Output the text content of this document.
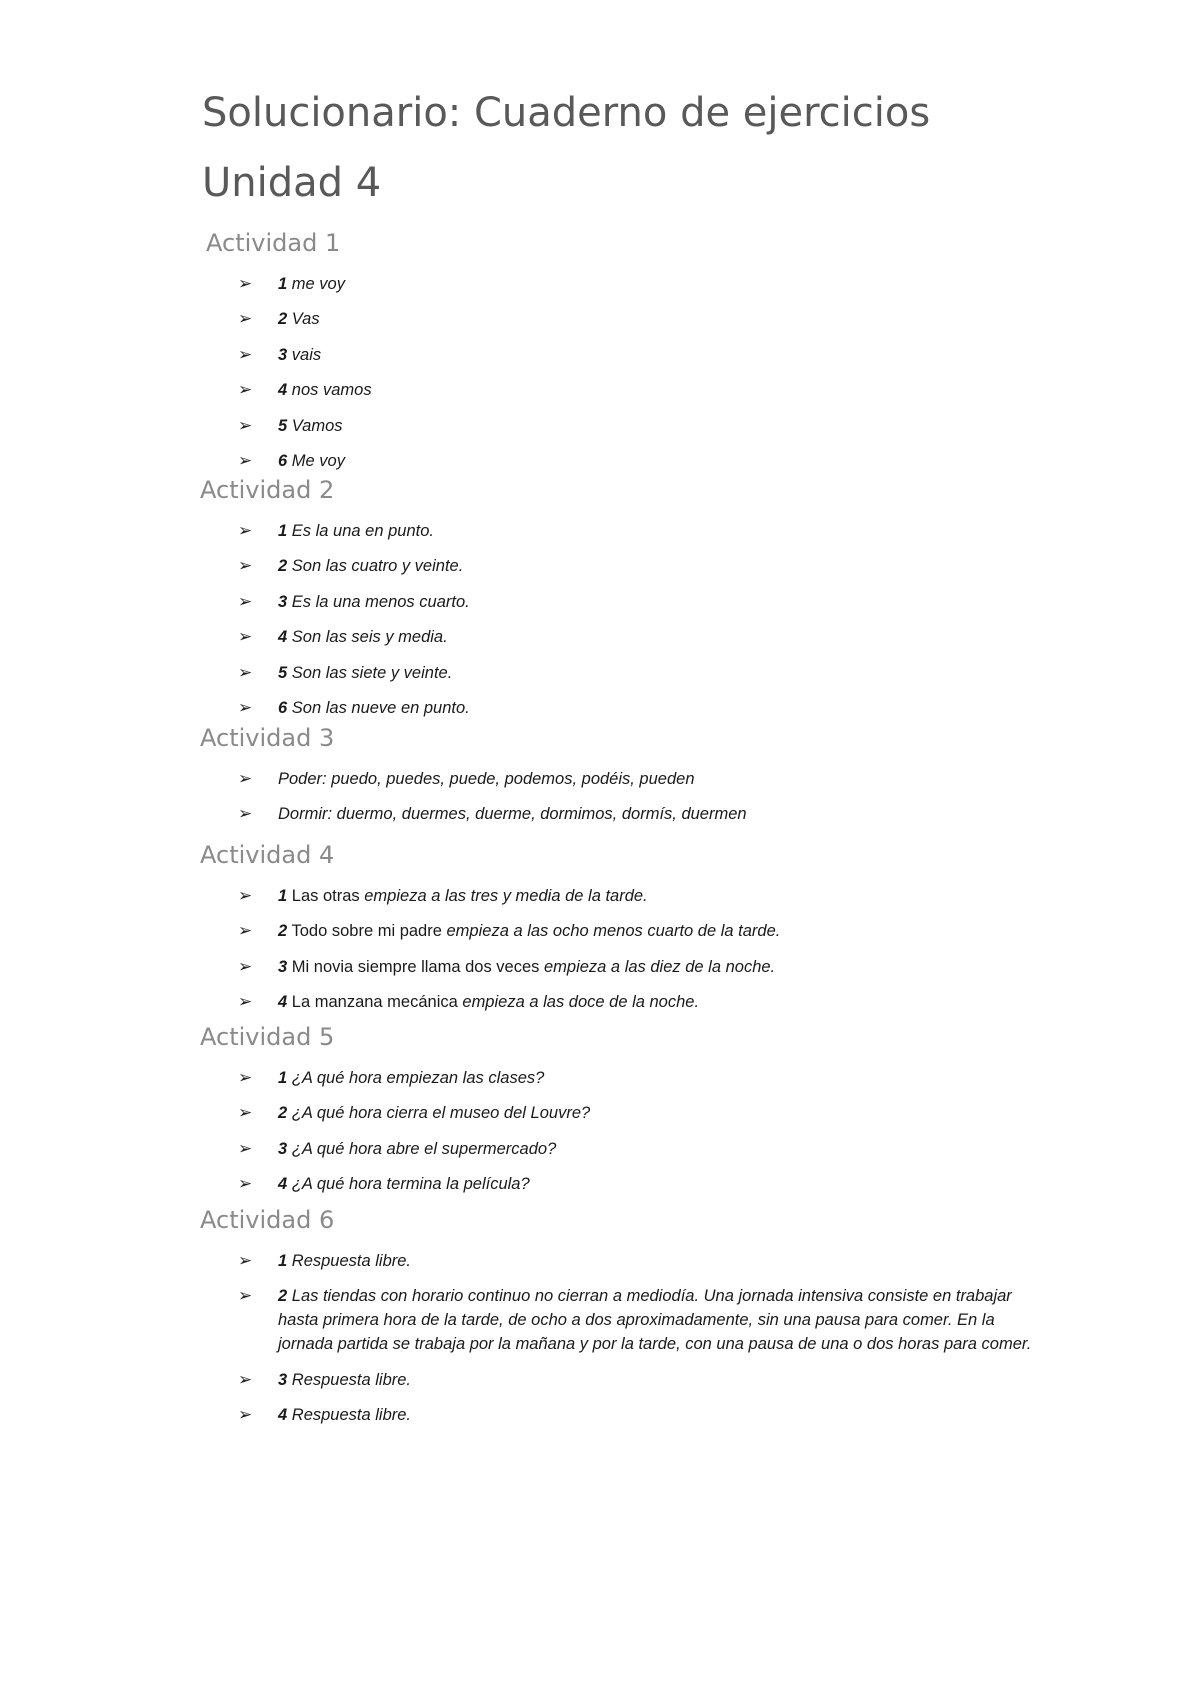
Solucionario: Cuaderno de ejercicios
Unidad 4
Actividad 1
➢ 1 me voy
➢ 2 Vas
➢ 3 vais
➢ 4 nos vamos
➢ 5 Vamos
➢ 6 Me voy
Actividad 2
➢ 1 Es la una en punto.
➢ 2 Son las cuatro y veinte.
➢ 3 Es la una menos cuarto.
➢ 4 Son las seis y media.
➢ 5 Son las siete y veinte.
➢ 6 Son las nueve en punto.
Actividad 3
➢ Poder: puedo, puedes, puede, podemos, podéis, pueden
➢ Dormir: duermo, duermes, duerme, dormimos, dormís, duermen
Actividad 4
➢ 1 Las otras empieza a las tres y media de la tarde.
➢ 2 Todo sobre mi padre empieza a las ocho menos cuarto de la tarde.
➢ 3 Mi novia siempre llama dos veces empieza a las diez de la noche.
➢ 4 La manzana mecánica empieza a las doce de la noche.
Actividad 5
➢ 1 ¿A qué hora empiezan las clases?
➢ 2 ¿A qué hora cierra el museo del Louvre?
➢ 3 ¿A qué hora abre el supermercado?
➢ 4 ¿A qué hora termina la película?
Actividad 6
➢ 1 Respuesta libre.
➢ 2 Las tiendas con horario continuo no cierran a mediodía. Una jornada intensiva consiste en trabajar hasta primera hora de la tarde, de ocho a dos aproximadamente, sin una pausa para comer. En la jornada partida se trabaja por la mañana y por la tarde, con una pausa de una o dos horas para comer.
➢ 3 Respuesta libre.
➢ 4 Respuesta libre.
